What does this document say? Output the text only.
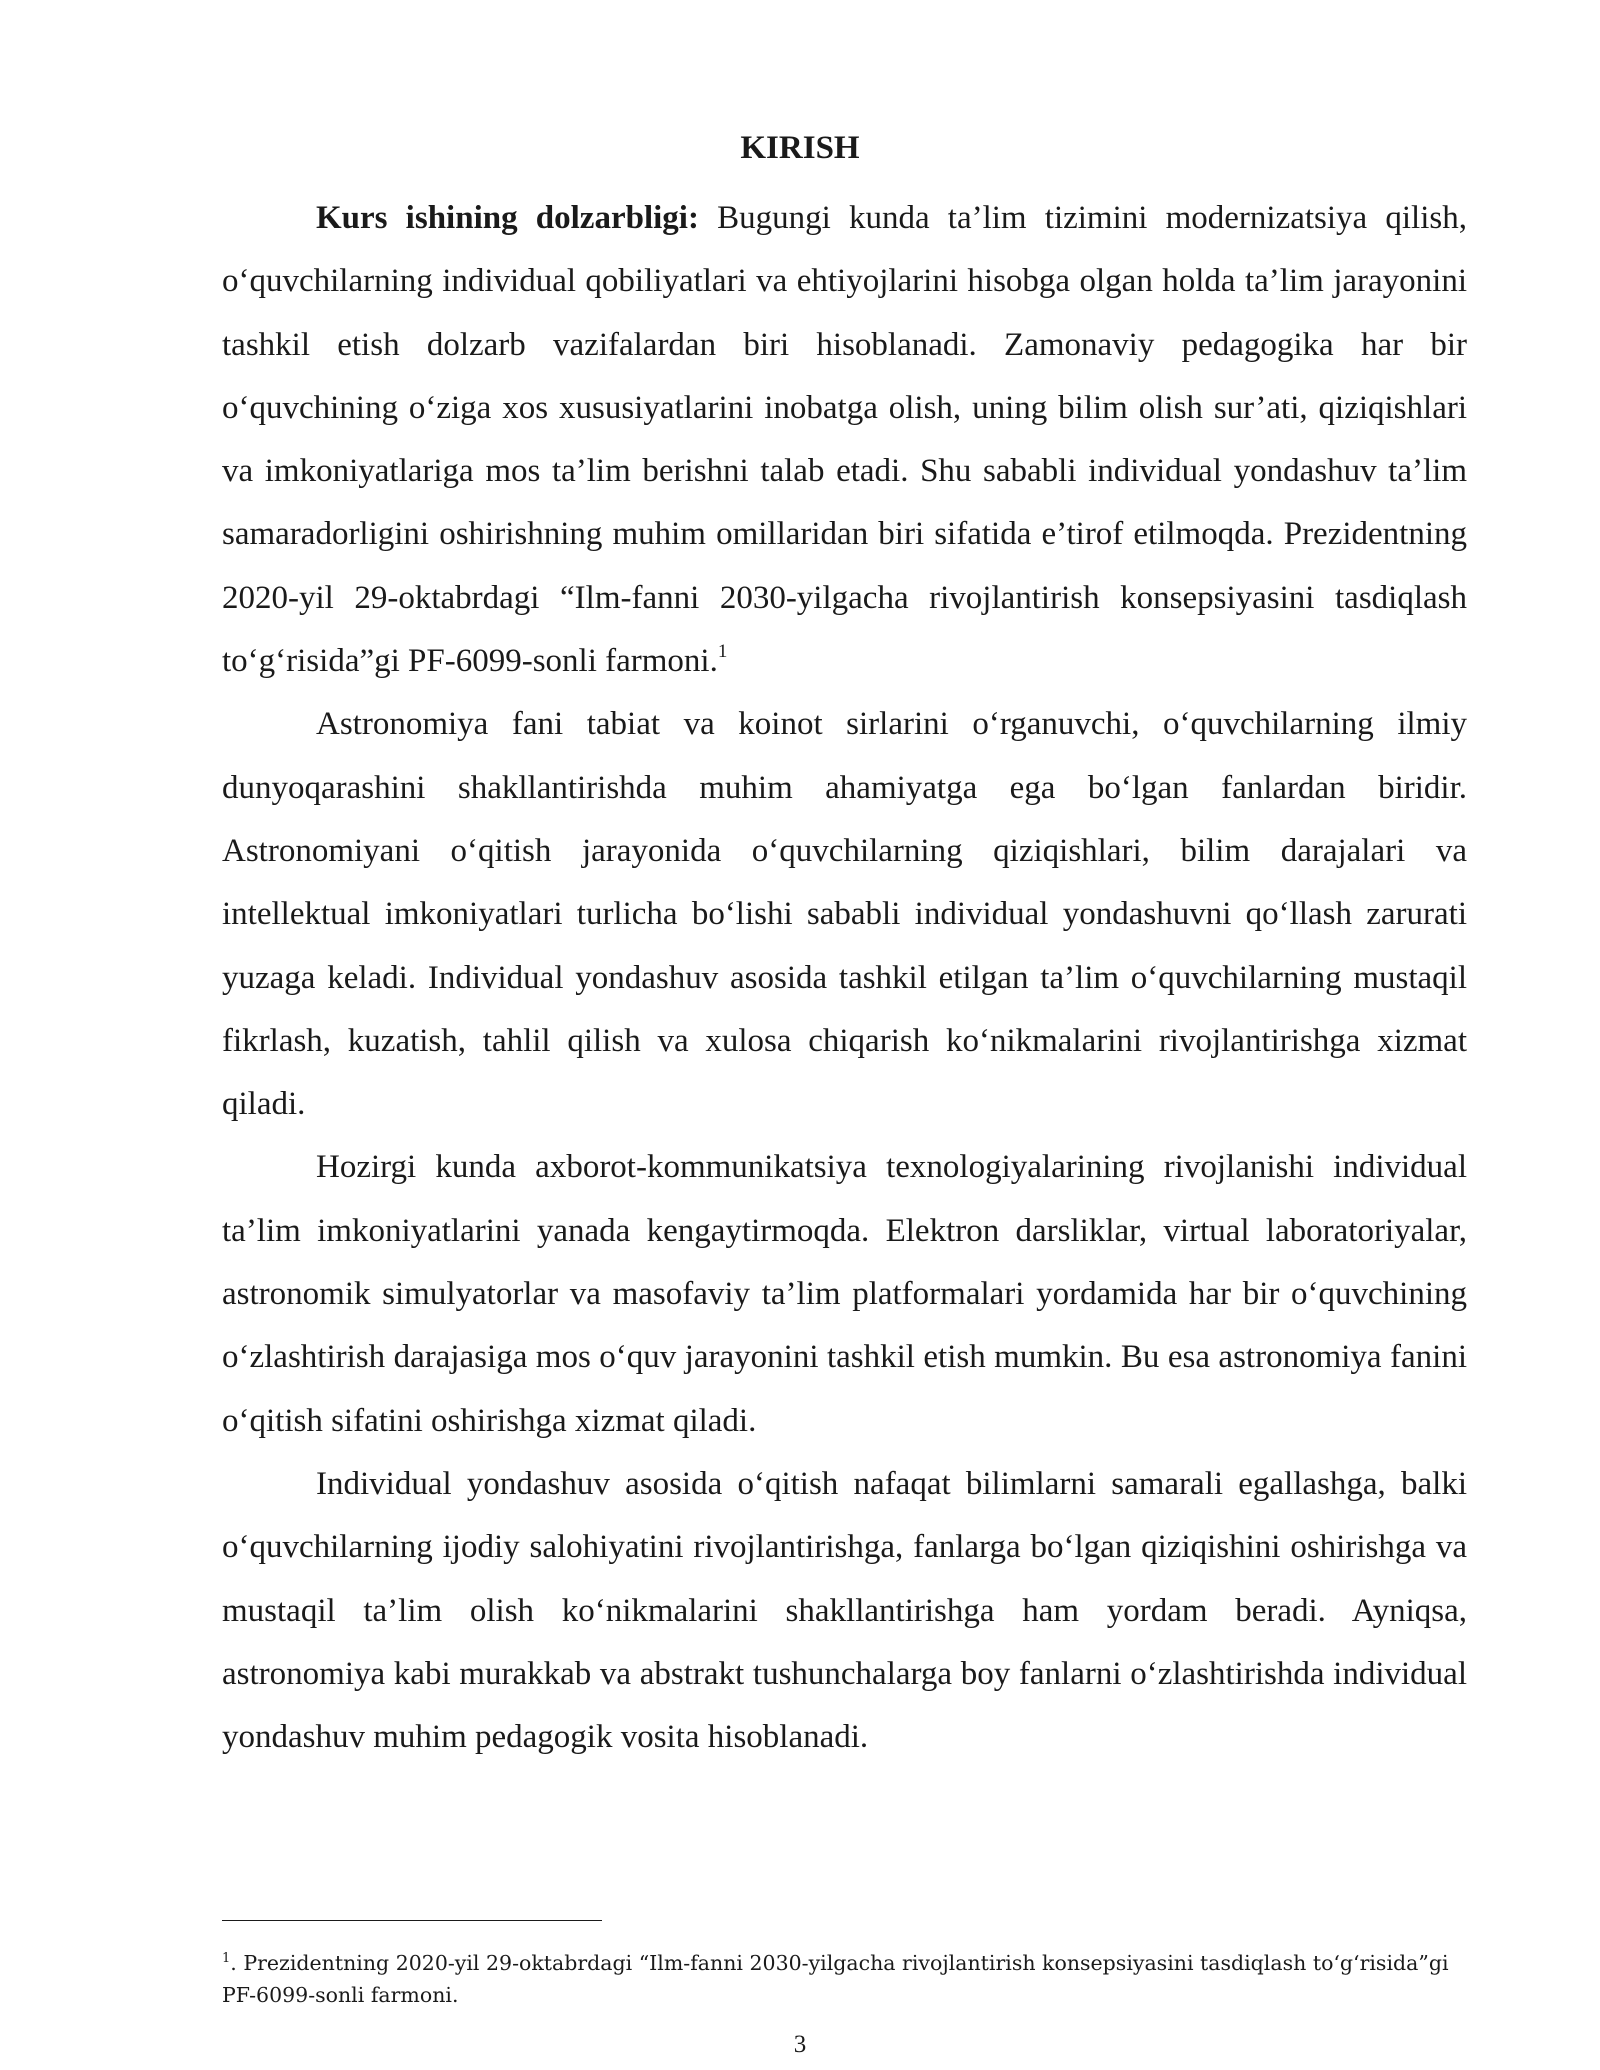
KIRISH

Kurs ishining dolzarbligi: Bugungi kunda ta’lim tizimini modernizatsiya qilish, o‘quvchilarning individual qobiliyatlari va ehtiyojlarini hisobga olgan holda ta’lim jarayonini tashkil etish dolzarb vazifalardan biri hisoblanadi. Zamonaviy pedagogika har bir o‘quvchining o‘ziga xos xususiyatlarini inobatga olish, uning bilim olish sur’ati, qiziqishlari va imkoniyatlariga mos ta’lim berishni talab etadi. Shu sababli individual yondashuv ta’lim samaradorligini oshirishning muhim omillaridan biri sifatida e’tirof etilmoqda. Prezidentning 2020-yil 29-oktabrdagi “Ilm-fanni 2030-yilgacha rivojlantirish konsepsiyasini tasdiqlash to‘g‘risida”gi PF-6099-sonli farmoni.$^1$

Astronomiya fani tabiat va koinot sirlarini o‘rganuvchi, o‘quvchilarning ilmiy dunyoqarashini shakllantirishda muhim ahamiyatga ega bo‘lgan fanlardan biridir. Astronomiyani o‘qitish jarayonida o‘quvchilarning qiziqishlari, bilim darajalari va intellektual imkoniyatlari turlicha bo‘lishi sababli individual yondashuvni qo‘llash zarurati yuzaga keladi. Individual yondashuv asosida tashkil etilgan ta’lim o‘quvchilarning mustaqil fikrlash, kuzatish, tahlil qilish va xulosa chiqarish ko‘nikmalarini rivojlantirishga xizmat qiladi.

Hozirgi kunda axborot-kommunikatsiya texnologiyalarining rivojlanishi individual ta’lim imkoniyatlarini yanada kengaytirmoqda. Elektron darsliklar, virtual laboratoriyalar, astronomik simulyatorlar va masofaviy ta’lim platformalari yordamida har bir o‘quvchining o‘zlashtirish darajasiga mos o‘quv jarayonini tashkil etish mumkin. Bu esa astronomiya fanini o‘qitish sifatini oshirishga xizmat qiladi.

Individual yondashuv asosida o‘qitish nafaqat bilimlarni samarali egallashga, balki o‘quvchilarning ijodiy salohiyatini rivojlantirishga, fanlarga bo‘lgan qiziqishini oshirishga va mustaqil ta’lim olish ko‘nikmalarini shakllantirishga ham yordam beradi. Ayniqsa, astronomiya kabi murakkab va abstrakt tushunchalarga boy fanlarni o‘zlashtirishda individual yondashuv muhim pedagogik vosita hisoblanadi.

$^1$. Prezidentning 2020-yil 29-oktabrdagi “Ilm-fanni 2030-yilgacha rivojlantirish konsepsiyasini tasdiqlash to‘g‘risida”gi PF-6099-sonli farmoni.
3
